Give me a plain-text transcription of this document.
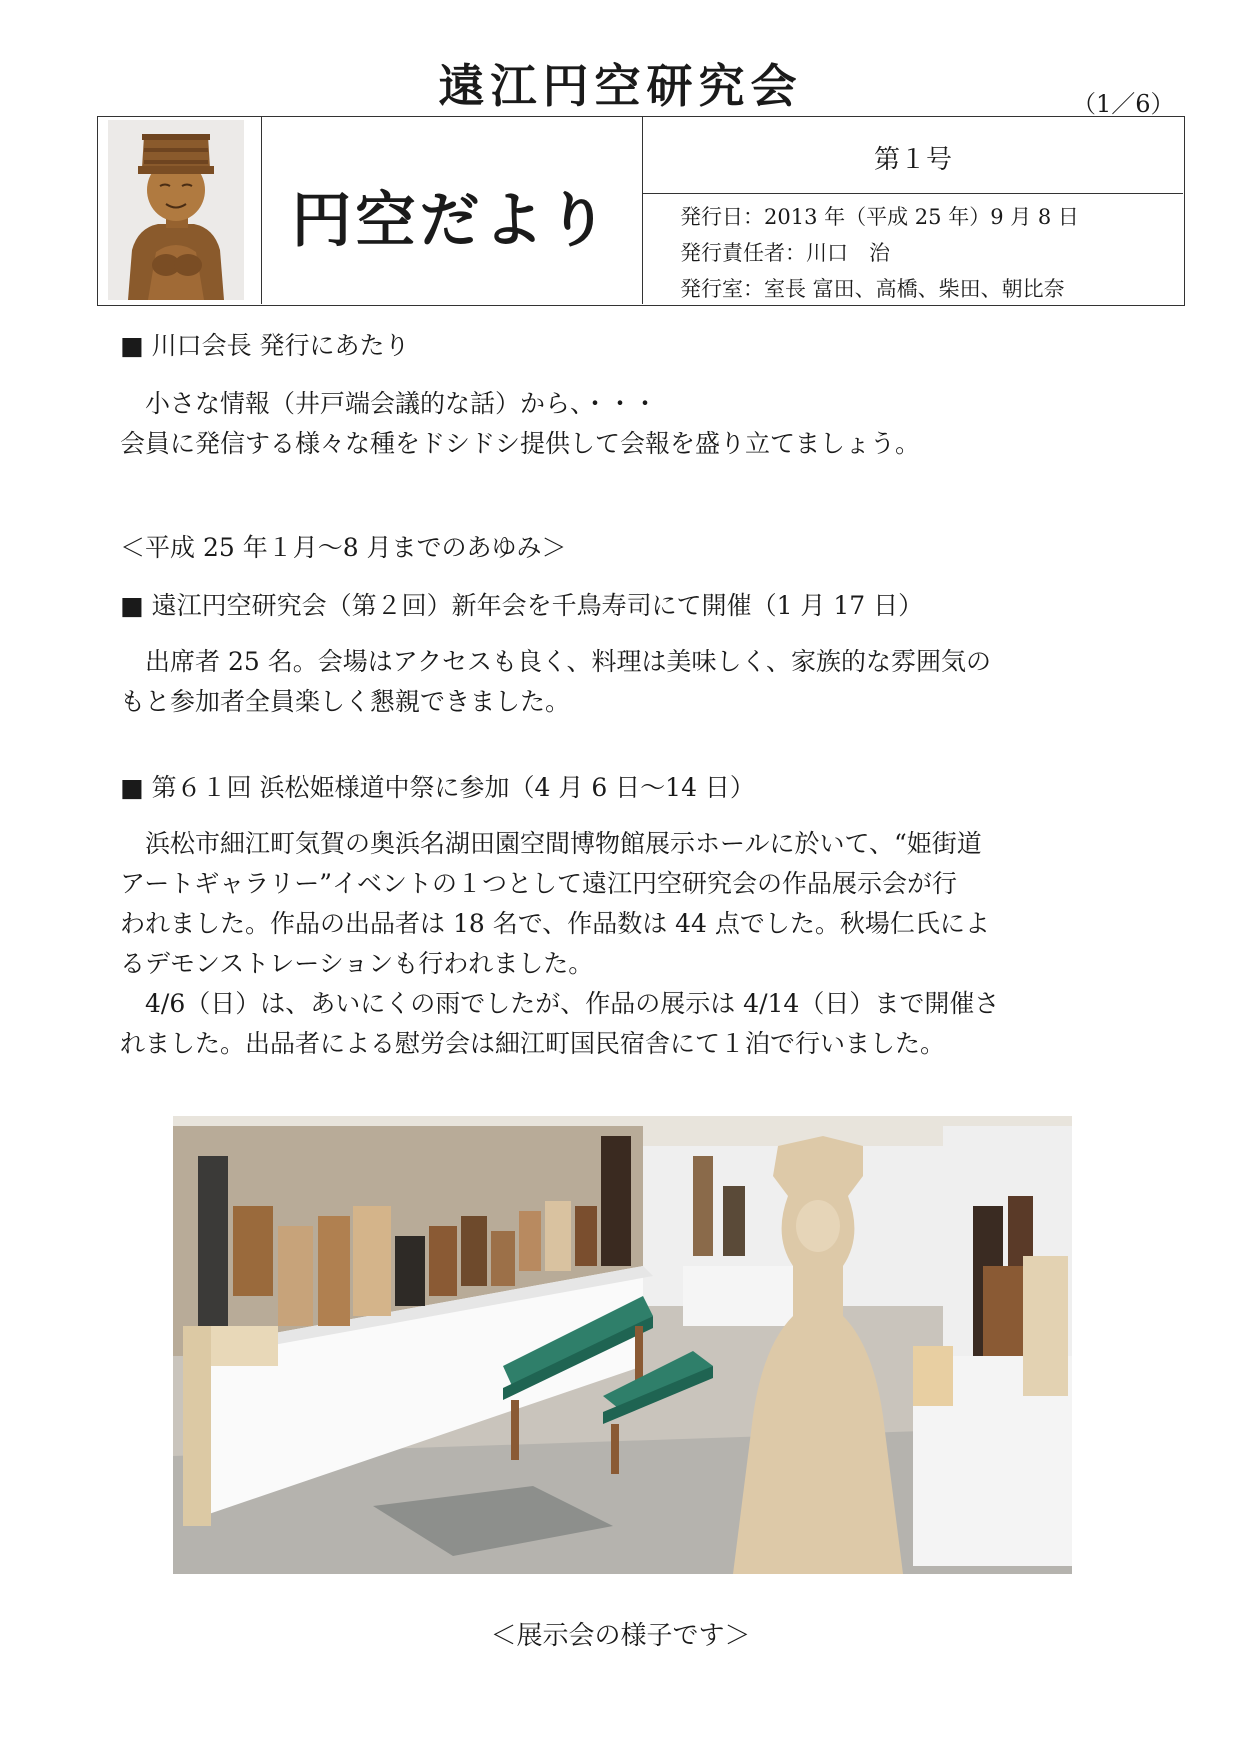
遠江円空研究会	（1／6）
円空だより
第１号
発行日：2013 年（平成 25 年）9 月 8 日
発行責任者：川口　治
発行室：室長 富田、高橋、柴田、朝比奈
■ 川口会長 発行にあたり
　小さな情報（井戸端会議的な話）から、・・・
会員に発信する様々な種をドシドシ提供して会報を盛り立てましょう。
＜平成 25 年１月～8 月までのあゆみ＞
■ 遠江円空研究会（第２回）新年会を千鳥寿司にて開催（1 月 17 日）
　出席者 25 名。会場はアクセスも良く、料理は美味しく、家族的な雰囲気の
もと参加者全員楽しく懇親できました。
■ 第６１回 浜松姫様道中祭に参加（4 月 6 日～14 日）
　浜松市細江町気賀の奥浜名湖田園空間博物館展示ホールに於いて、“姫街道
アートギャラリー”イベントの１つとして遠江円空研究会の作品展示会が行
われました。作品の出品者は 18 名で、作品数は 44 点でした。秋場仁氏によ
るデモンストレーションも行われました。
　4/6（日）は、あいにくの雨でしたが、作品の展示は 4/14（日）まで開催さ
れました。出品者による慰労会は細江町国民宿舎にて１泊で行いました。
＜展示会の様子です＞
